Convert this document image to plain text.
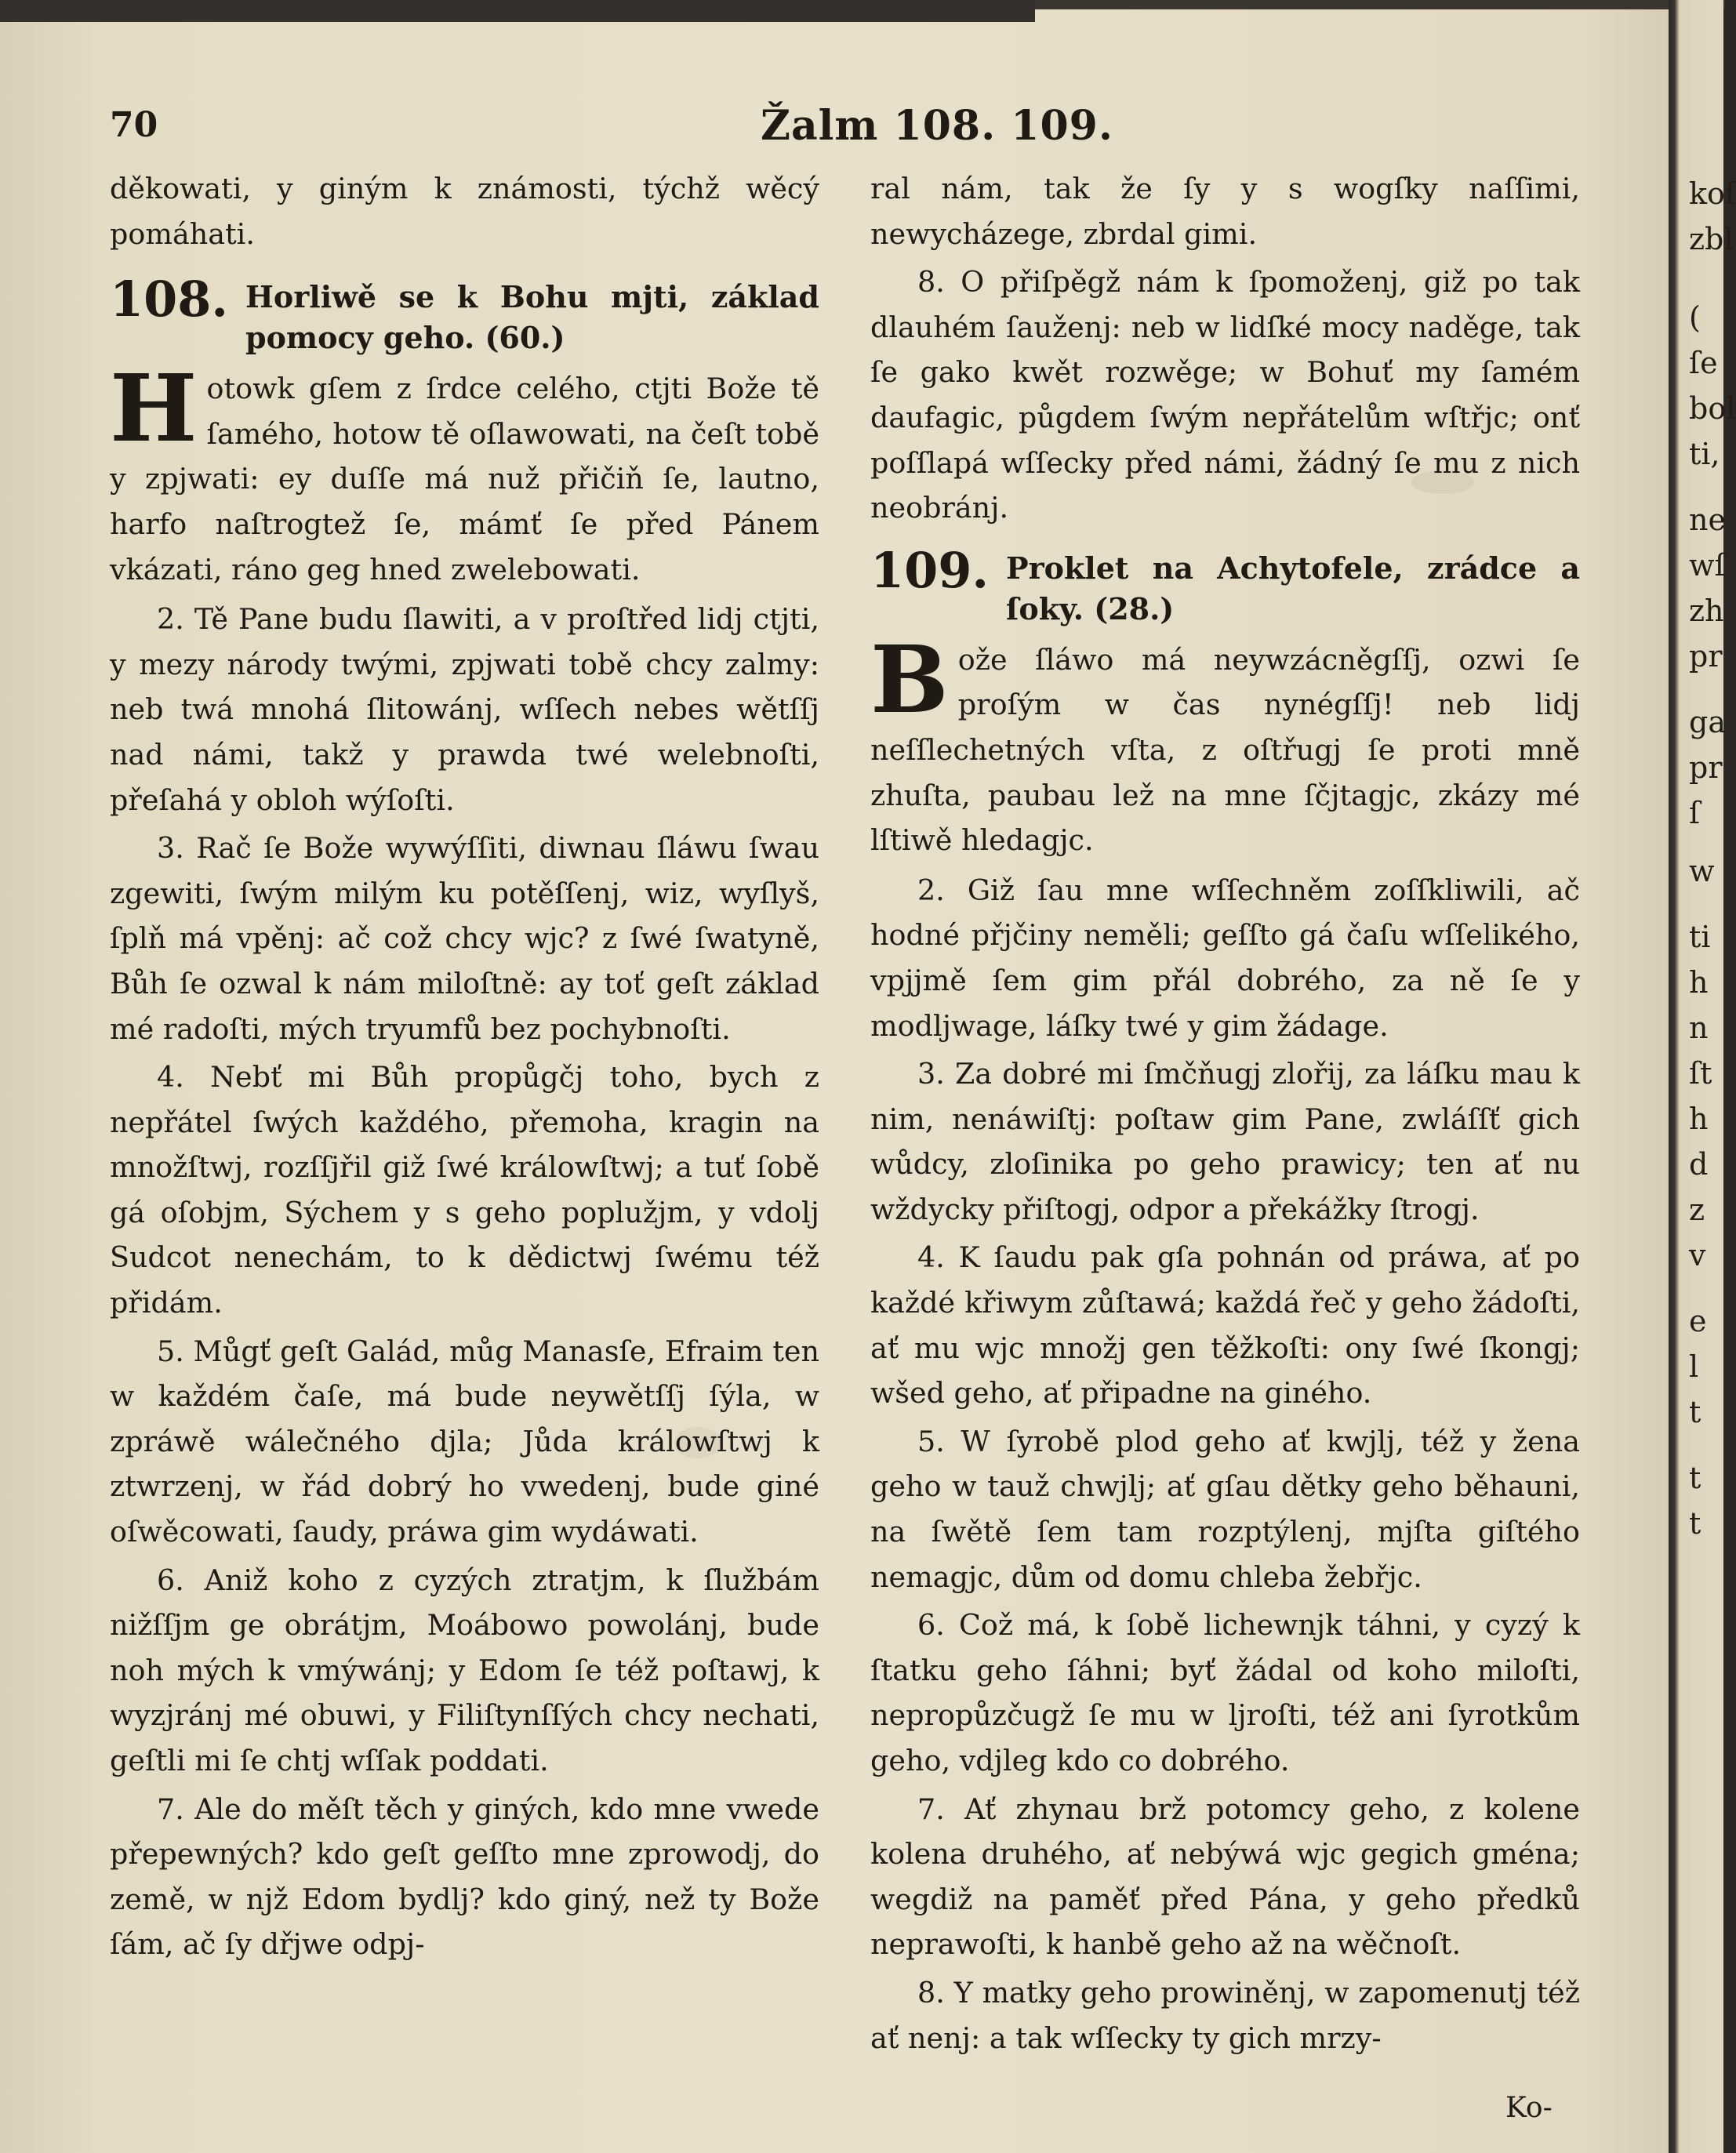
70	Žalm 108. 109.

děkowati, y giným k známosti, týchž wěcý pomáhati.

108. Horliwě se k Bohu mjti, základ pomocy geho. (60.)

Hotowk gſem z ſrdce celého, ctjti Bože tě ſamého, hotow tě oſlawowati, na čeſt tobě y zpjwati: ey duſſe má nuž přičiň ſe, lautno, harfo naſtrogtež ſe, mámť ſe před Pánem vkázati, ráno geg hned zwelebowati.

2. Tě Pane budu ſlawiti, a v proſtřed lidj ctjti, y mezy národy twými, zpjwati tobě chcy zalmy: neb twá mnohá ſlitowánj, wſſech nebes wětſſj nad námi, takž y prawda twé welebnoſti, přeſahá y obloh wýſoſti.

3. Rač ſe Bože wywýſſiti, diwnau ſláwu ſwau zgewiti, ſwým milým ku potěſſenj, wiz, wyſlyš, ſplň má vpěnj: ač což chcy wjc? z ſwé ſwatyně, Bůh ſe ozwal k nám miloſtně: ay toť geſt základ mé radoſti, mých tryumfů bez pochybnoſti.

4. Nebť mi Bůh propůgčj toho, bych z nepřátel ſwých každého, přemoha, kragin na množſtwj, rozſſjřil giž ſwé králowſtwj; a tuť ſobě gá oſobjm, Sýchem y s geho poplužjm, y vdolj Sudcot nenechám, to k dědictwj ſwému též přidám.

5. Můgť geſt Galád, můg Manasſe, Efraim ten w každém čaſe, má bude neywětſſj ſýla, w zpráwě wálečného djla; Jůda králowſtwj k ztwrzenj, w řád dobrý ho vwedenj, bude giné oſwěcowati, ſaudy, práwa gim wydáwati.

6. Aniž koho z cyzých ztratjm, k ſlužbám nižſſjm ge obrátjm, Moábowo powolánj, bude noh mých k vmýwánj; y Edom ſe též poſtawj, k wyzjránj mé obuwi, y Filiſtynſſých chcy nechati, geſtli mi ſe chtj wſſak poddati.

7. Ale do měſt těch y giných, kdo mne vwede přepewných? kdo geſt geſſto mne zprowodj, do země, w njž Edom bydlj? kdo giný, než ty Bože ſám, ač ſy dřjwe odpj-

ral nám, tak že ſy y s wogſky naſſimi, newycházege, zbrdal gimi.

8. O přiſpěgž nám k ſpomoženj, giž po tak dlauhém ſauženj: neb w lidſké mocy naděge, tak ſe gako kwět rozwěge; w Bohuť my ſamém daufagic, půgdem ſwým nepřátelům wſtřjc; onť poſſlapá wſſecky před námi, žádný ſe mu z nich neobránj.

109. Proklet na Achytofele, zrádce a ſoky. (28.)

Bože ſláwo má neywzácněgſſj, ozwi ſe proſým w čas nynégſſj! neb lidj neſſlechetných vſta, z oſtřugj ſe proti mně zhuſta, paubau lež na mne ſčjtagjc, zkázy mé lſtiwě hledagjc.

2. Giž ſau mne wſſechněm zoſſkliwili, ač hodné přjčiny neměli; geſſto gá čaſu wſſelikého, vpjjmě ſem gim přál dobrého, za ně ſe y modljwage, láſky twé y gim žádage.

3. Za dobré mi ſmčňugj zlořij, za láſku mau k nim, nenáwiſtj: poſtaw gim Pane, zwláſſť gich wůdcy, zloſinika po geho prawicy; ten ať nu wždycky přiſtogj, odpor a překážky ſtrogj.

4. K ſaudu pak gſa pohnán od práwa, ať po každé křiwym zůſtawá; každá řeč y geho žádoſti, ať mu wjc množj gen těžkoſti: ony ſwé ſkongj; wšed geho, ať připadne na giného.

5. W ſyrobě plod geho ať kwjlj, též y žena geho w tauž chwjlj; ať gſau dětky geho běhauni, na ſwětě ſem tam rozptýlenj, mjſta giſtého nemagjc, dům od domu chleba žebřjc.

6. Což má, k ſobě lichewnjk táhni, y cyzý k ſtatku geho ſáhni; byť žádal od koho miloſti, nepropůzčugž ſe mu w ljroſti, též ani ſyrotkům geho, vdjleg kdo co dobrého.

7. Ať zhynau brž potomcy geho, z kolene kolena druhého, ať nebýwá wjc gegich gména; wegdiž na paměť před Pána, y geho předků neprawoſti, k hanbě geho až na wěčnoſt.

8. Y matky geho prowiněnj, w zapomenutj též ať nenj: a tak wſſecky ty gich mrzy-

Ko-
koſ
zbl
(
ſe
bol
ti,
ne
wſ
zh
pr
ga
pr
ſ
w
ti
h
n
ſt
h
d
z
v
e
l
t
t
t
